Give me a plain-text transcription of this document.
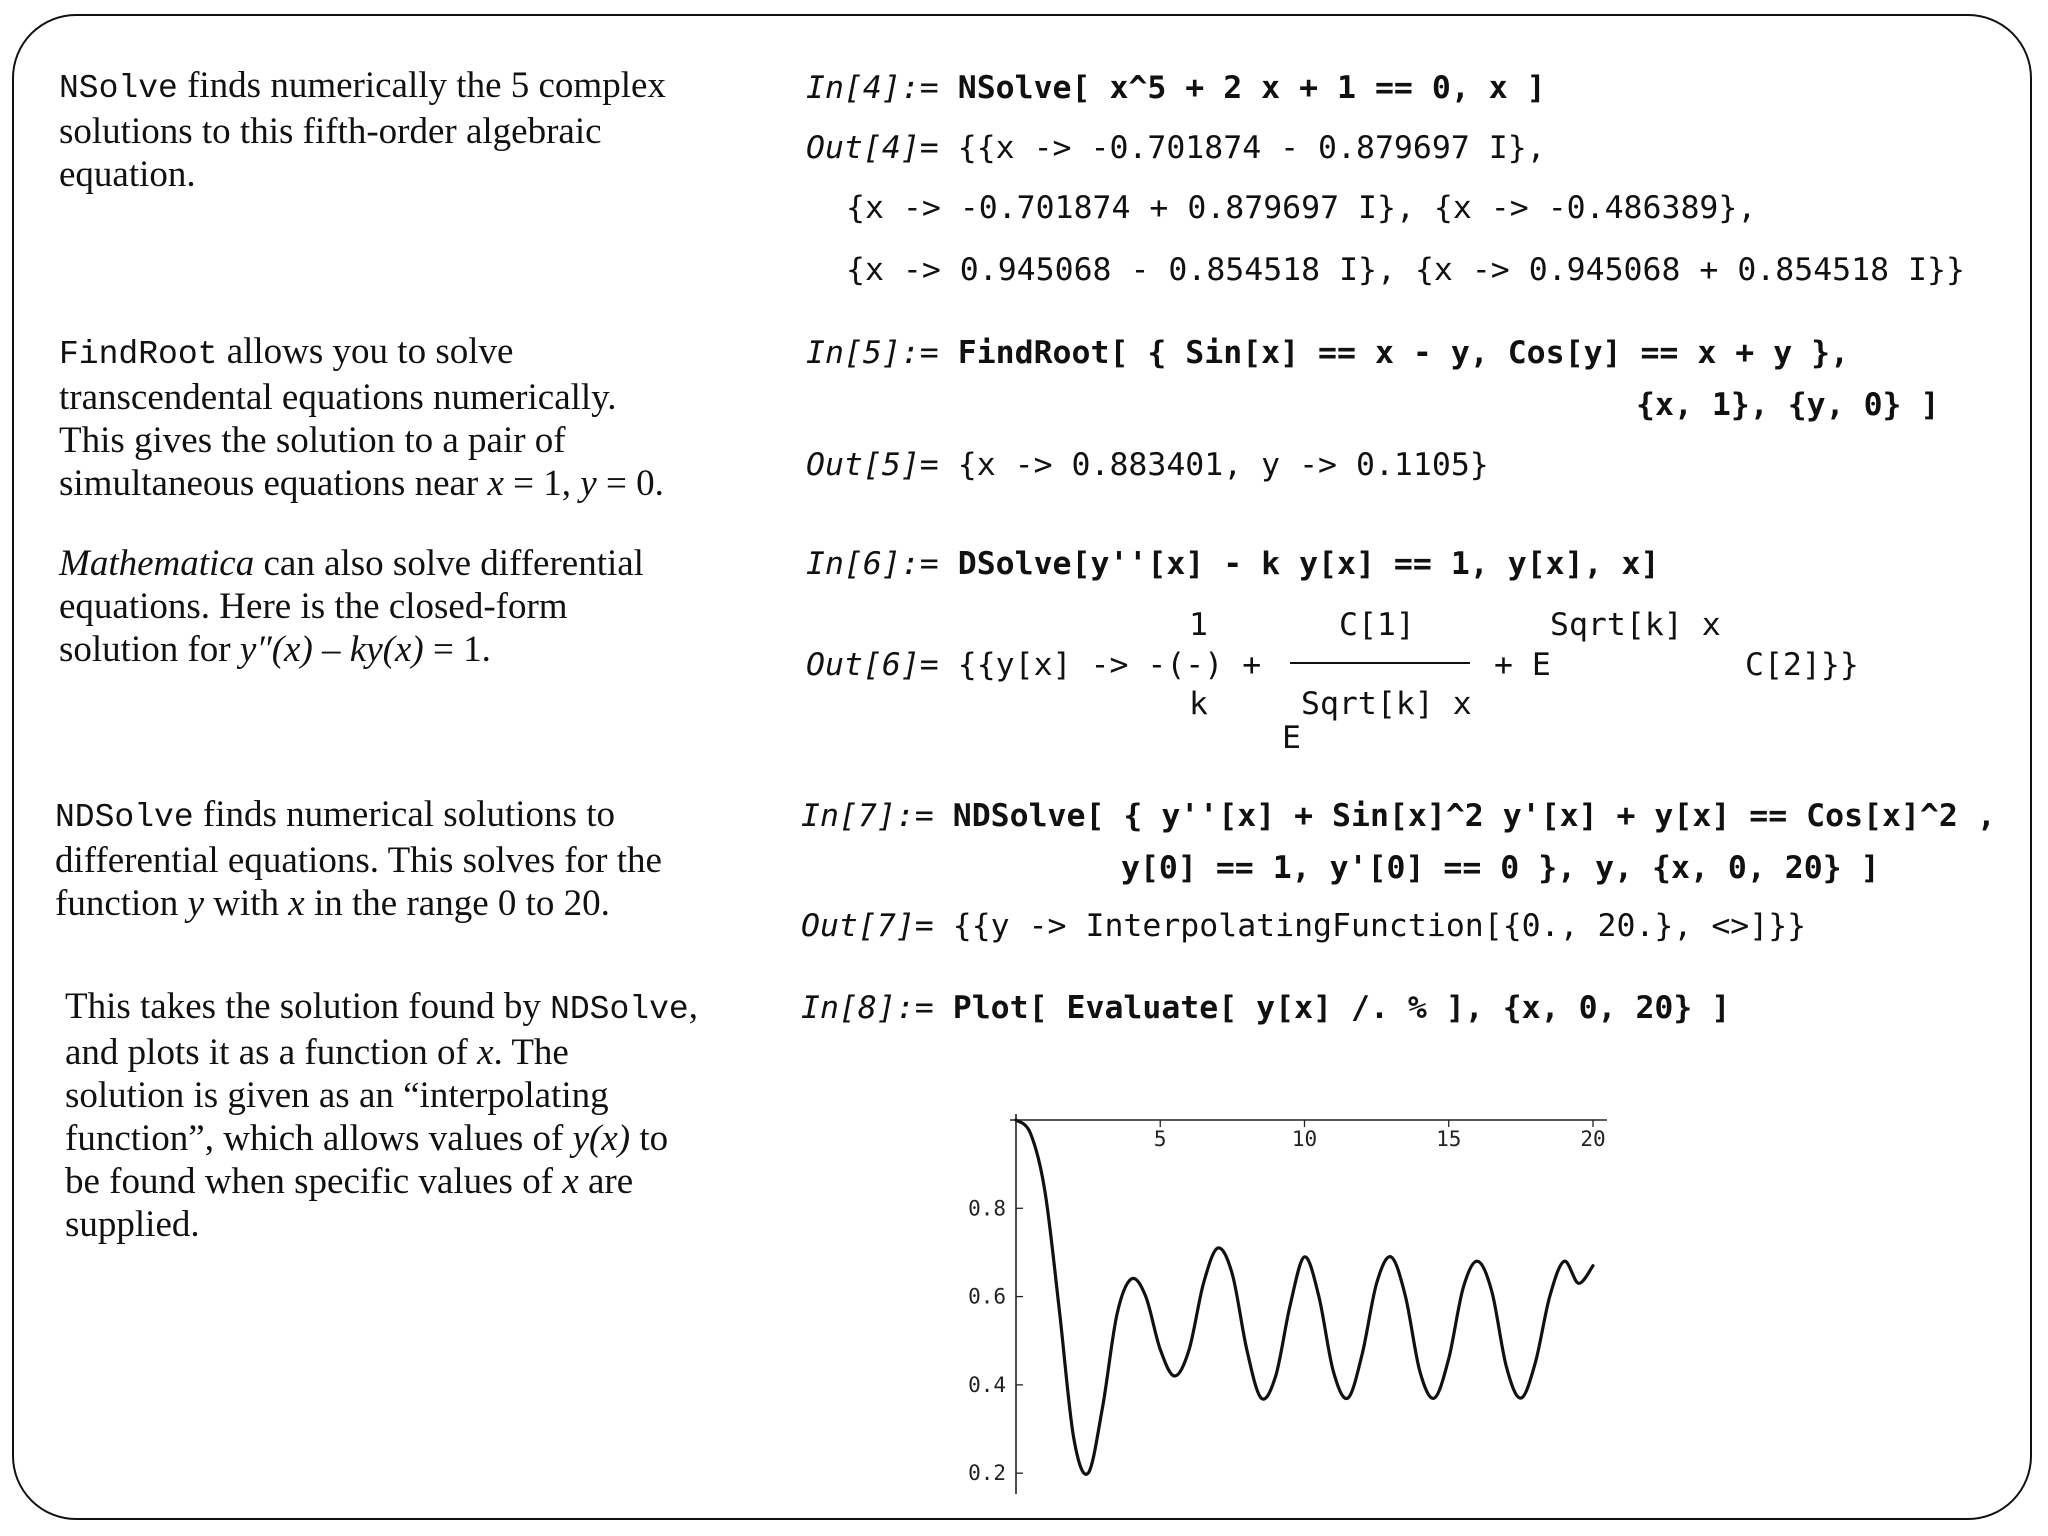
NSolve finds numerically the 5 complex
solutions to this fifth-order algebraic
equation.

In[4]:= NSolve[ x^5 + 2 x + 1 == 0, x ]
Out[4]= {{x -> -0.701874 - 0.879697 I},
{x -> -0.701874 + 0.879697 I}, {x -> -0.486389},
{x -> 0.945068 - 0.854518 I}, {x -> 0.945068 + 0.854518 I}}

FindRoot allows you to solve
transcendental equations numerically.
This gives the solution to a pair of
simultaneous equations near x = 1, y = 0.

In[5]:= FindRoot[ { Sin[x] == x - y, Cos[y] == x + y },
{x, 1}, {y, 0} ]
Out[5]= {x -> 0.883401, y -> 0.1105}

Mathematica can also solve differential
equations. Here is the closed-form
solution for y″(x) – ky(x) = 1.

In[6]:= DSolve[y''[x] - k y[x] == 1, y[x], x]
1
Out[6]= {{y[x] -> -(-) +
k
C[1]
Sqrt[k] x
E
+ E
Sqrt[k] x
C[2]}}

NDSolve finds numerical solutions to
differential equations. This solves for the
function y with x in the range 0 to 20.

In[7]:= NDSolve[ { y''[x] + Sin[x]^2 y'[x] + y[x] == Cos[x]^2 ,
y[0] == 1, y'[0] == 0 }, y, {x, 0, 20} ]
Out[7]= {{y -> InterpolatingFunction[{0., 20.}, <>]}}

This takes the solution found by NDSolve,
and plots it as a function of x. The
solution is given as an “interpolating
function”, which allows values of y(x) to
be found when specific values of x are
supplied.

In[8]:= Plot[ Evaluate[ y[x] /. % ], {x, 0, 20} ]
5	10	15	20
0.8
0.6
0.4
0.2
